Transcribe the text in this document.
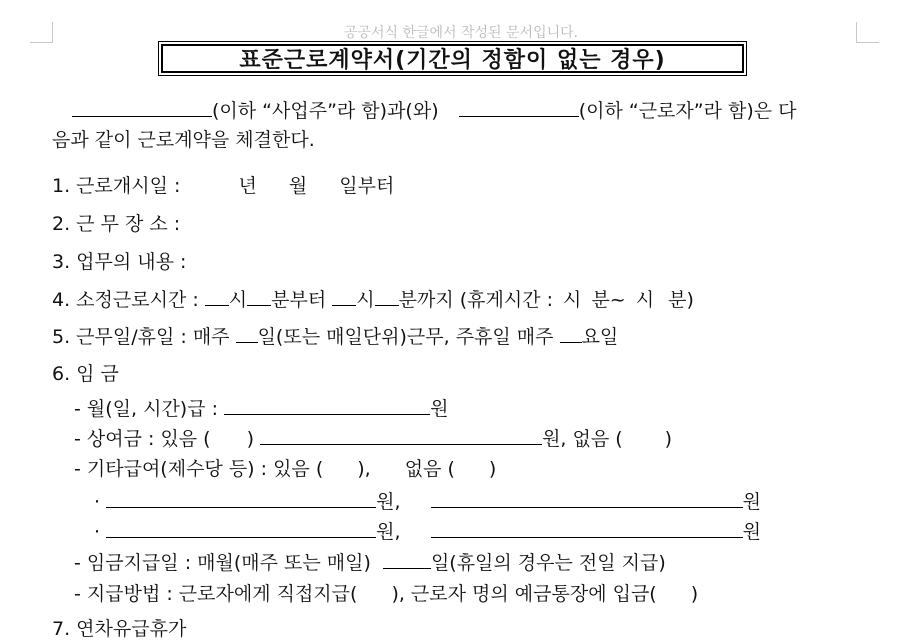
공공서식 한글에서 작성된 문서입니다.
표준근로계약서(기간의 정함이 없는 경우)
(이하 “사업주”라 함)과(와)	(이하 “근로자”라 함)은 다
음과 같이 근로계약을 체결한다.
1. 근로개시일 :	년 월 일부터
2. 근 무 장 소 :
3. 업무의 내용 :
4. 소정근로시간 : 시 분부터 시 분까지 (휴게시간 : 시 분~ 시 분)
5. 근무일/휴일 : 매주 일(또는 매일단위)근무, 주휴일 매주 요일
6. 임 금
- 월(일, 시간)급 :	원
- 상여금 : 있음 ( )	원, 없음 ( )
- 기타급여(제수당 등) : 있음 ( ), 없음 ( )
·	원,	원
·	원,	원
- 임금지급일 : 매월(매주 또는 매일)	일(휴일의 경우는 전일 지급)
- 지급방법 : 근로자에게 직접지급( ), 근로자 명의 예금통장에 입금( )
7. 연차유급휴가
